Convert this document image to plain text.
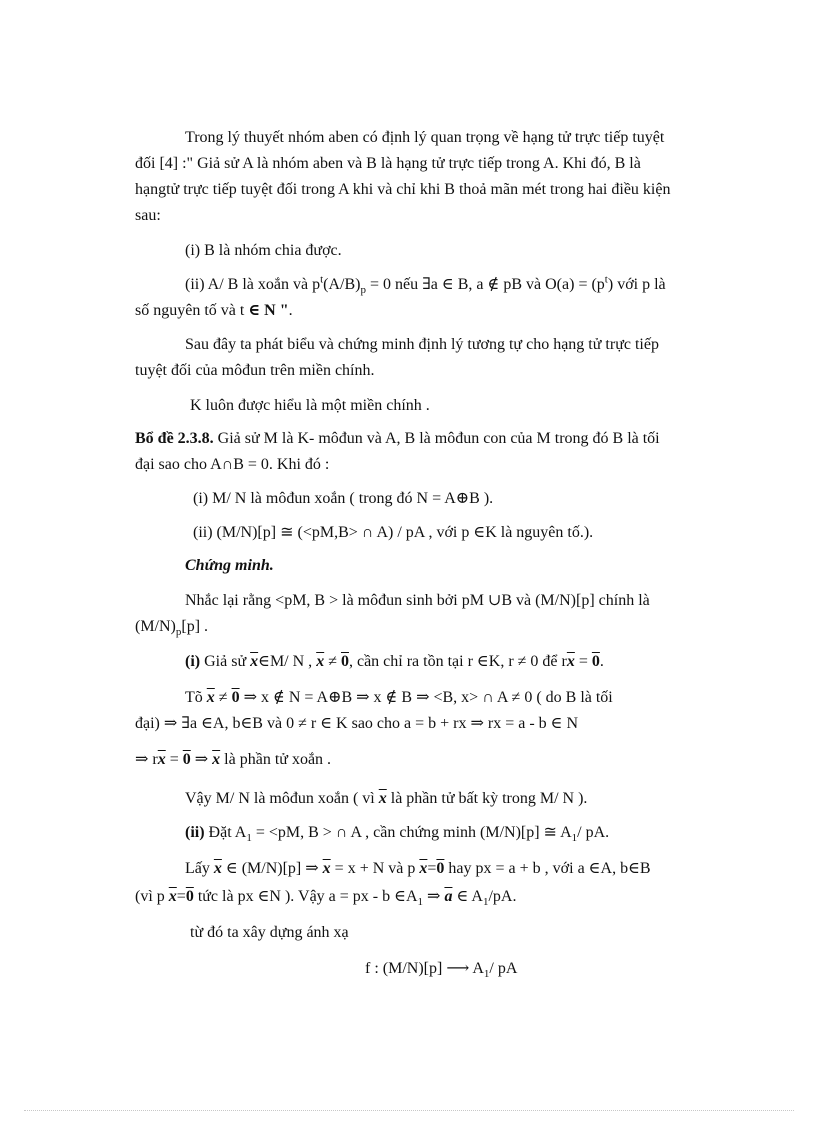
Trong lý thuyết nhóm aben có định lý quan trọng về hạng tử trực tiếp tuyệt
đối [4] :" Giả sử A là nhóm aben và B là hạng tử trực tiếp trong A. Khi đó, B là
hạngtử trực tiếp tuyệt đối trong A khi và chỉ khi B thoả mãn mét trong hai điều kiện
sau:
(i) B là nhóm chia được.
(ii) A/ B là xoắn và $p^t(A/B)_p = 0$ nếu ∃a ∈ B, a ∉ pB và $O(a) = (p^t)$ với p là
số nguyên tố và t ∈ N ".
Sau đây ta phát biểu và chứng minh định lý tương tự cho hạng tử trực tiếp
tuyệt đối của môđun trên miền chính.
K luôn được hiểu là một miền chính .
Bổ đề 2.3.8. Giả sử M là K- môđun và A, B là môđun con của M trong đó B là tối
đại sao cho A∩B = 0. Khi đó :
(i) M/ N là môđun xoắn ( trong đó N = A⊕B ).
(ii) (M/N)[p] ≅ (<pM,B> ∩ A) / pA , với p ∈K là nguyên tố.).
Chứng minh.
Nhắc lại rằng <pM, B > là môđun sinh bởi pM ∪B và (M/N)[p] chính là
$(M/N)_p[p]$ .
(i) Giả sử $\overline{x}\in M/$ N , $\overline{x} \ne 0$, cần chỉ ra tồn tại r ∈K, r ≠ 0 để $r\overline{x} = 0$.
Tõ $\overline{x} \ne 0$ ⇒ x ∉ N = A⊕B ⇒ x ∉ B ⇒ <B, x> ∩ A ≠ 0 ( do B là tối
đại) ⇒ ∃a ∈A, b∈B và 0 ≠ r ∈ K sao cho a = b + rx ⇒ rx = a - b ∈ N
⇒ $r\overline{x} = 0$ ⇒ $\overline{x}$ là phần tử xoắn .
Vậy M/ N là môđun xoắn ( vì $\overline{x}$ là phần tử bất kỳ trong M/ N ).
(ii) Đặt $A_1 = <pM$, B > ∩ A , cần chứng minh (M/N)[p] ≅ $A_1/$ pA.
Lấy $\overline{x}$ ∈ (M/N)[p] ⇒ $\overline{x} = x + N$ và p $\overline{x}=0$ hay px = a + b , với a ∈A, b∈B
(vì p $\overline{x}=0$ tức là px ∈N ). Vậy a = px - b $\in A_1$ ⇒ $\overline{a}$ ∈ $A_1/pA$.
từ đó ta xây dựng ánh xạ
f : (M/N)[p] ⟶ $A_1/$ pA
